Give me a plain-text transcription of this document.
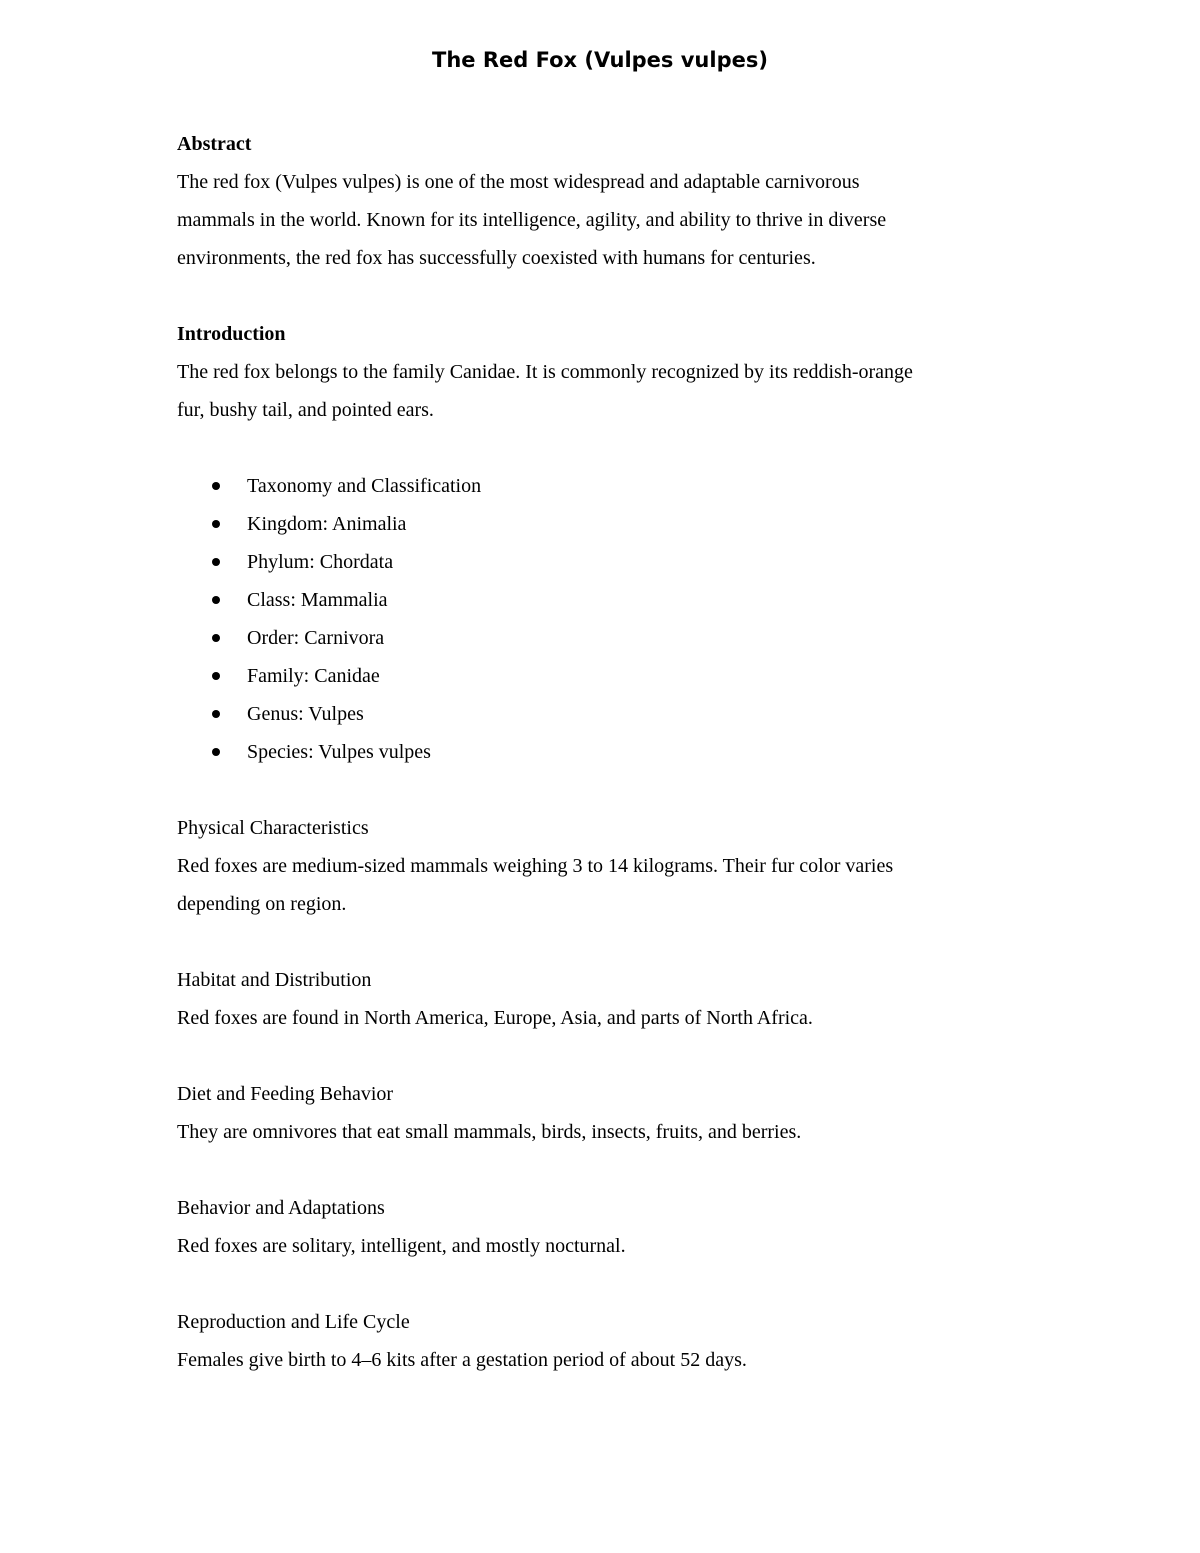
The Red Fox (Vulpes vulpes)
Abstract
The red fox (Vulpes vulpes) is one of the most widespread and adaptable carnivorous
mammals in the world. Known for its intelligence, agility, and ability to thrive in diverse
environments, the red fox has successfully coexisted with humans for centuries.
Introduction
The red fox belongs to the family Canidae. It is commonly recognized by its reddish-orange
fur, bushy tail, and pointed ears.
Taxonomy and Classification
Kingdom: Animalia
Phylum: Chordata
Class: Mammalia
Order: Carnivora
Family: Canidae
Genus: Vulpes
Species: Vulpes vulpes
Physical Characteristics
Red foxes are medium-sized mammals weighing 3 to 14 kilograms. Their fur color varies
depending on region.
Habitat and Distribution
Red foxes are found in North America, Europe, Asia, and parts of North Africa.
Diet and Feeding Behavior
They are omnivores that eat small mammals, birds, insects, fruits, and berries.
Behavior and Adaptations
Red foxes are solitary, intelligent, and mostly nocturnal.
Reproduction and Life Cycle
Females give birth to 4–6 kits after a gestation period of about 52 days.
